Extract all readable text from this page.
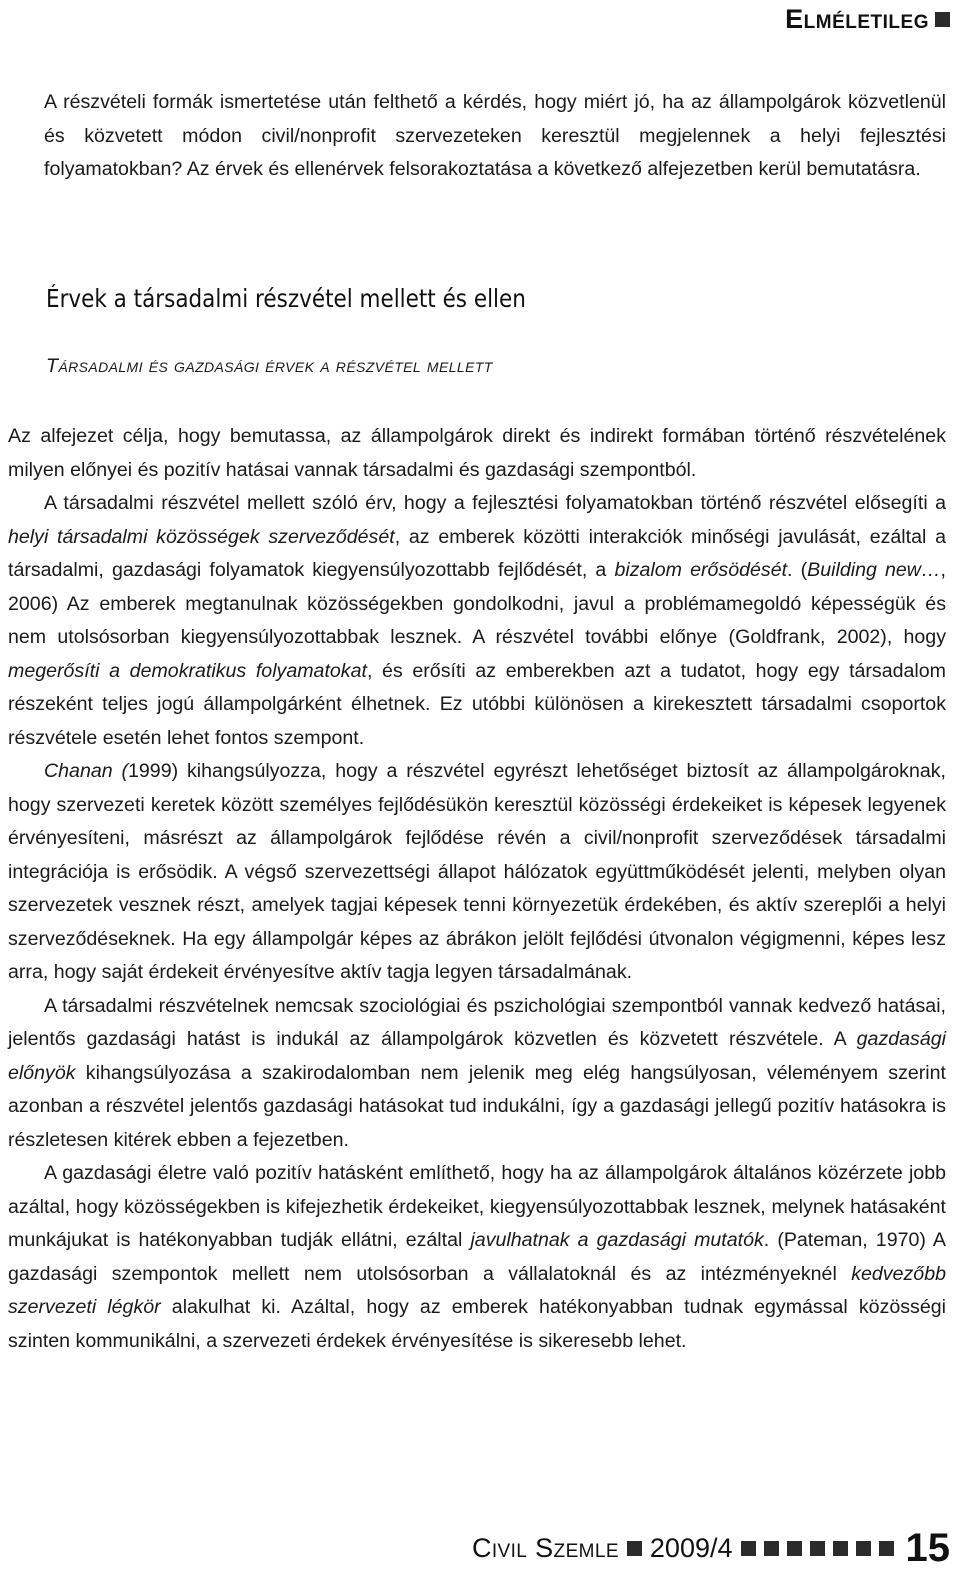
Elméletileg

A részvételi formák ismertetése után felthető a kérdés, hogy miért jó, ha az állampolgárok közvetlenül és közvetett módon civil/nonprofit szervezeteken keresztül megjelennek a helyi fejlesztési folyamatokban? Az érvek és ellenérvek felsorakoztatása a következő alfejezetben kerül bemutatásra.

Érvek a társadalmi részvétel mellett és ellen
Társadalmi és gazdasági érvek a részvétel mellett

Az alfejezet célja, hogy bemutassa, az állampolgárok direkt és indirekt formában történő részvételének milyen előnyei és pozitív hatásai vannak társadalmi és gazdasági szempontból.

A társadalmi részvétel mellett szóló érv, hogy a fejlesztési folyamatokban történő részvétel elősegíti a helyi társadalmi közösségek szerveződését, az emberek közötti interakciók minőségi javulását, ezáltal a társadalmi, gazdasági folyamatok kiegyensúlyozottabb fejlődését, a bizalom erősödését. (Building new…, 2006) Az emberek megtanulnak közösségekben gondolkodni, javul a problémamegoldó képességük és nem utolsósorban kiegyensúlyozottabbak lesznek. A részvétel további előnye (Goldfrank, 2002), hogy megerősíti a demokratikus folyamatokat, és erősíti az emberekben azt a tudatot, hogy egy társadalom részeként teljes jogú állampolgárként élhetnek. Ez utóbbi különösen a kirekesztett társadalmi csoportok részvétele esetén lehet fontos szempont.

Chanan (1999) kihangsúlyozza, hogy a részvétel egyrészt lehetőséget biztosít az állampolgároknak, hogy szervezeti keretek között személyes fejlődésükön keresztül közösségi érdekeiket is képesek legyenek érvényesíteni, másrészt az állampolgárok fejlődése révén a civil/nonprofit szerveződések társadalmi integrációja is erősödik. A végső szervezettségi állapot hálózatok együttműködését jelenti, melyben olyan szervezetek vesznek részt, amelyek tagjai képesek tenni környezetük érdekében, és aktív szereplői a helyi szerveződéseknek. Ha egy állampolgár képes az ábrákon jelölt fejlődési útvonalon végigmenni, képes lesz arra, hogy saját érdekeit érvényesítve aktív tagja legyen társadalmának.

A társadalmi részvételnek nemcsak szociológiai és pszichológiai szempontból vannak kedvező hatásai, jelentős gazdasági hatást is indukál az állampolgárok közvetlen és közvetett részvétele. A gazdasági előnyök kihangsúlyozása a szakirodalomban nem jelenik meg elég hangsúlyosan, véleményem szerint azonban a részvétel jelentős gazdasági hatásokat tud indukálni, így a gazdasági jellegű pozitív hatásokra is részletesen kitérek ebben a fejezetben.

A gazdasági életre való pozitív hatásként említhető, hogy ha az állampolgárok általános közérzete jobb azáltal, hogy közösségekben is kifejezhetik érdekeiket, kiegyensúlyozottabbak lesznek, melynek hatásaként munkájukat is hatékonyabban tudják ellátni, ezáltal javulhatnak a gazdasági mutatók. (Pateman, 1970) A gazdasági szempontok mellett nem utolsósorban a vállalatoknál és az intézményeknél kedvezőbb szervezeti légkör alakulhat ki. Azáltal, hogy az emberek hatékonyabban tudnak egymással közösségi szinten kommunikálni, a szervezeti érdekek érvényesítése is sikeresebb lehet.

Civil Szemle 2009/4	15
